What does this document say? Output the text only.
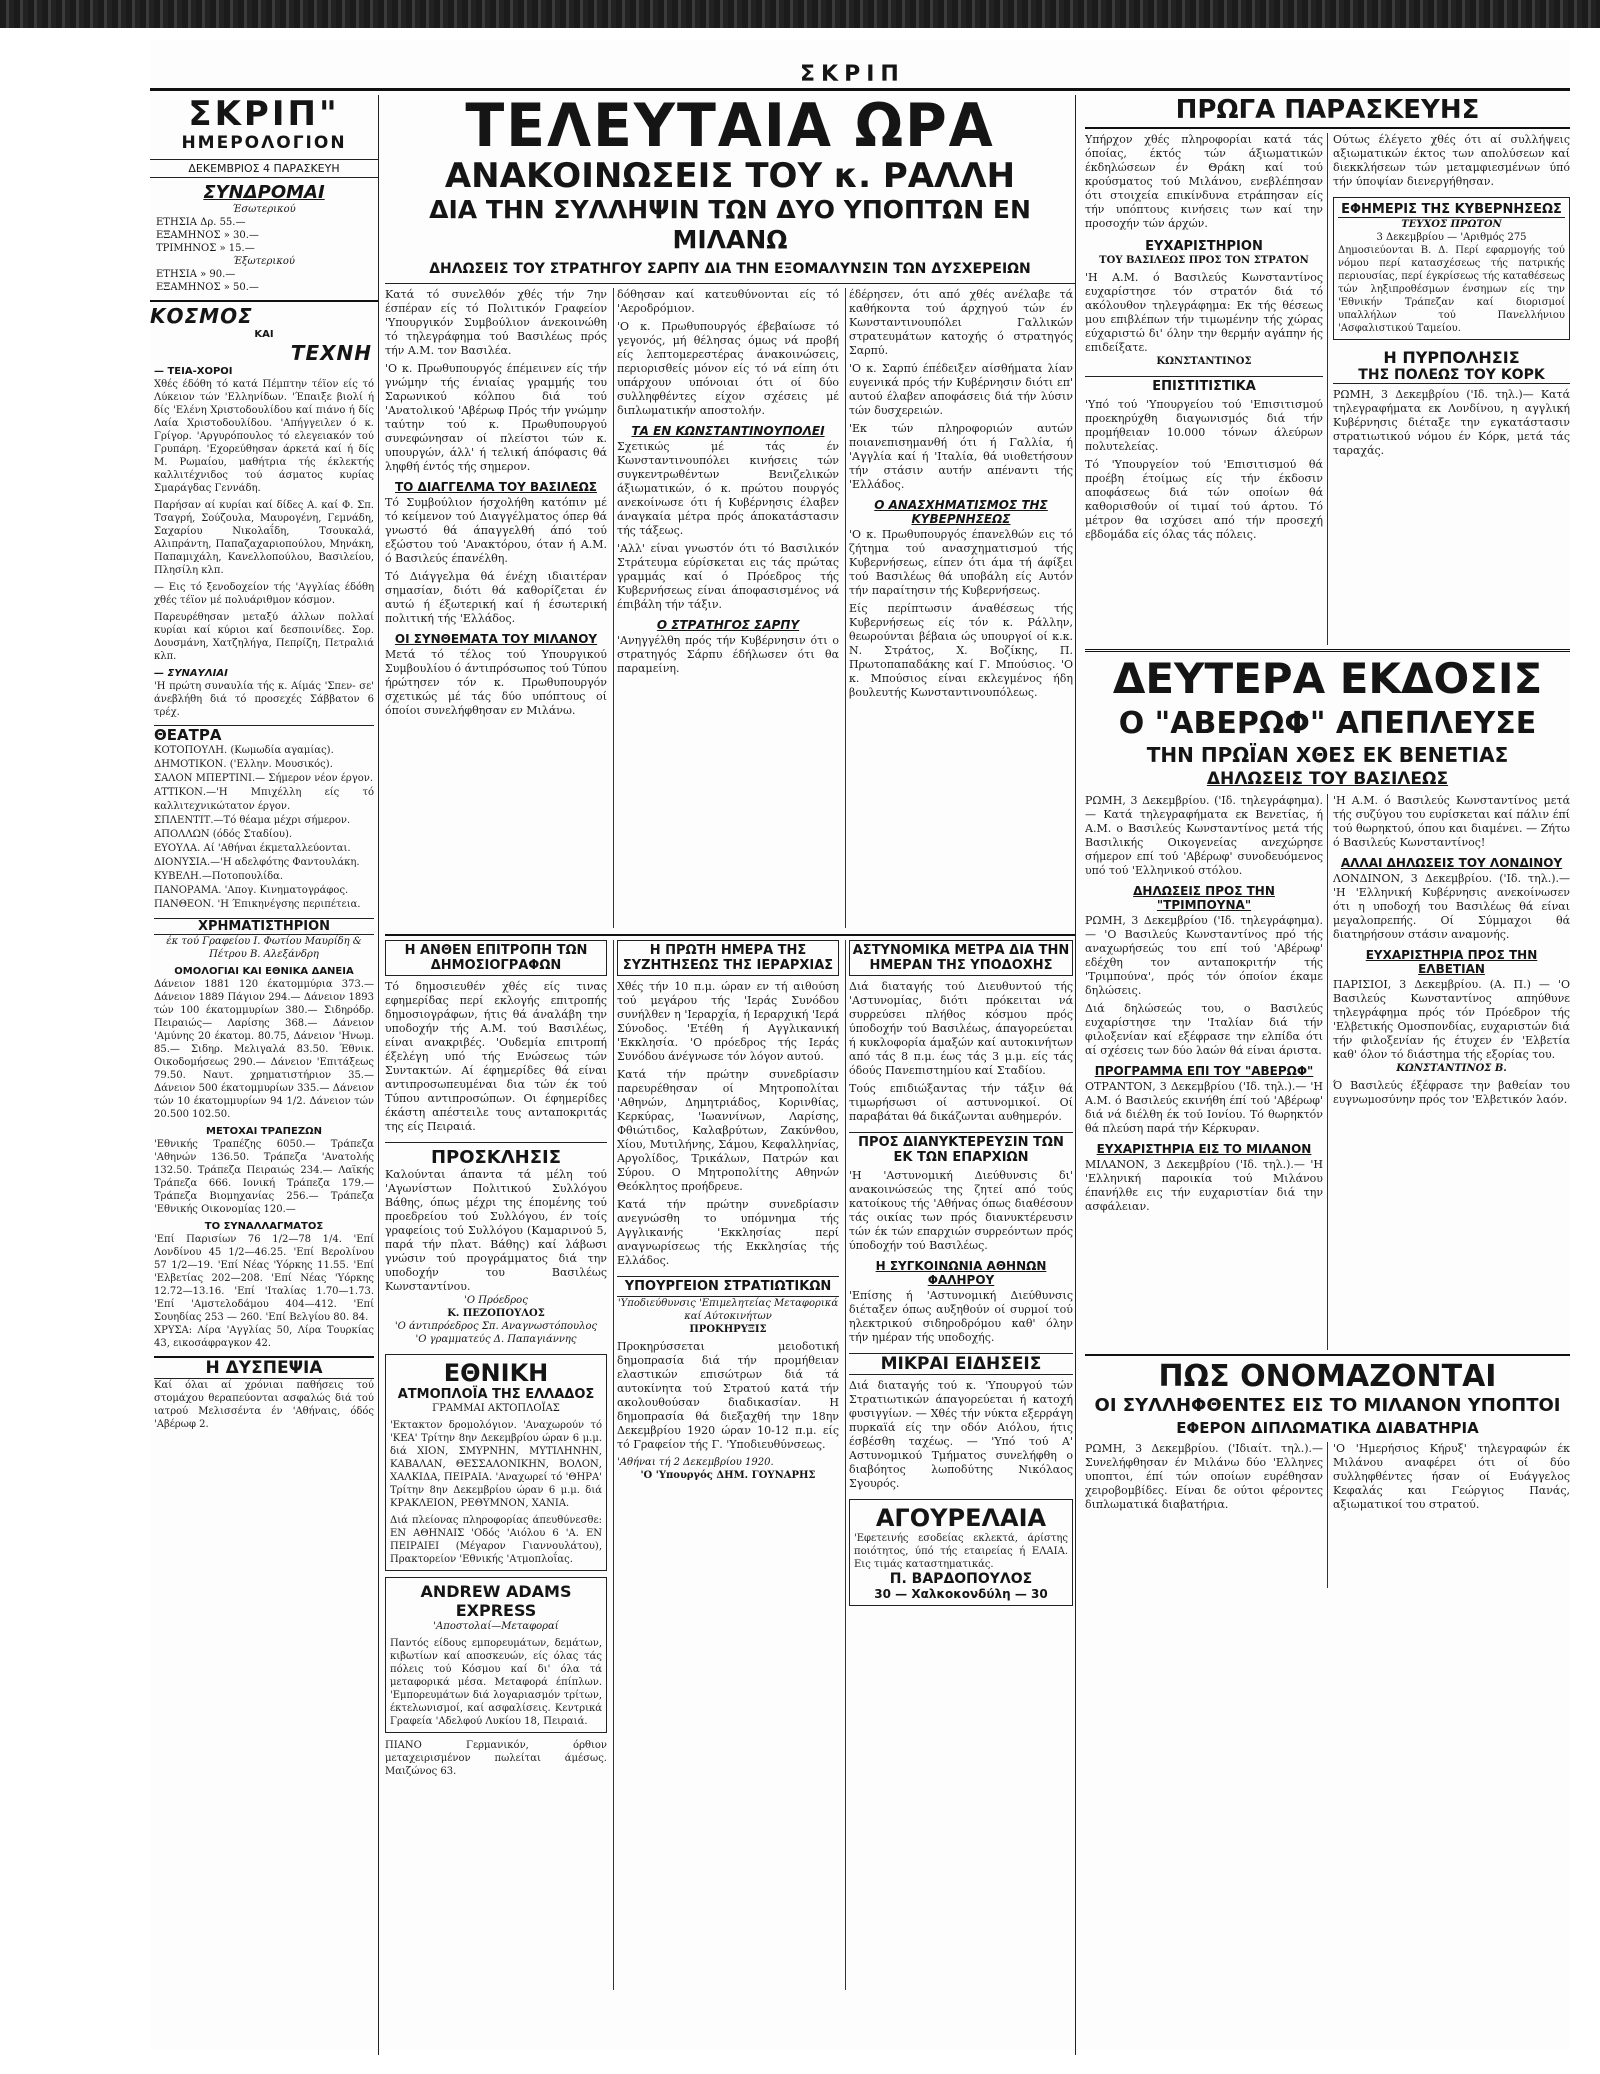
ΣΚΡΙΠ
ΣΚΡΙΠ"
ΗΜΕΡΟΛΟΓΙΟΝ
ΔΕΚΕΜΒΡΙΟΣ 4 ΠΑΡΑΣΚΕΥΗ
ΣΥΝΔΡΟΜΑΙ
Έσωτερικού
ΕΤΗΣΙΑ Δρ. 55.—
ΕΞΑΜΗΝΟΣ » 30.—
ΤΡΙΜΗΝΟΣ » 15.—
Έξωτερικού
ΕΤΗΣΙΑ » 90.—
ΕΞΑΜΗΝΟΣ » 50.—
ΚΟΣΜΟΣ
ΚΑΙ
ΤΕΧΝΗ
— ΤΕΙΑ-ΧΟΡΟΙ
Χθές έδόθη τό κατά Πέμπτην τέϊον είς τό Λύκειον τών 'Ελληνίδων. 'Έπαιξε βιολί ή δίς 'Ελένη Χριστοδουλίδου καί πιάνο ή δίς Λαία Χριστοδουλίδου. 'Απήγγειλεν ό κ. Γρίγορ. 'Αργυρόπουλος τό ελεγειακόν τού Γρυπάρη. 'Εχορεύθησαν άρκετά καί ή δίς Μ. Ρωμαίου, μαθήτρια τής έκλεκτής καλλιτέχνιδος τού άσματος κυρίας Σμαράγδας Γεννάδη.
Παρήσαν αί κυρίαι καί δίδες Α. καί Φ. Σπ. Τσαγρή, Σούζουλα, Μαυρογένη, Γεμνάδη, Σαχαρίου Νικολαΐδη, Τσουκαλά, Αλιπράντη, Παπαζαχαριοπούλου, Μηνάκη, Παπαμιχάλη, Κανελλοπούλου, Βασιλείου, Πλησίλη κλπ.
— Εις τό ξενοδοχείον τής 'Αγγλίας έδόθη χθές τέϊον μέ πολυάριθμον κόσμον.
Παρευρέθησαν μεταξύ άλλων πολλαί κυρίαι καί κύριοι καί δεσποινίδες. Σορ. Δουσμάνη, Χατζηλήγα, Πεπρίζη, Πετραλιά κλπ.
— ΣΥΝΑΥΛΙΑΙ
'Η πρώτη συναυλία τής κ. Αίμάς 'Σπεν- σε' άνεβλήθη διά τό προσεχές Σάββατον 6 τρέχ.
ΘΕΑΤΡΑ
ΚΟΤΟΠΟΥΛΗ. (Κωμωδία αγαμίας).
ΔΗΜΟΤΙΚΟΝ. ('Ελλην. Μουσικός).
ΣΑΛΟΝ ΜΠΕΡΤΙΝΙ.— Σήμερον νέον έργον.
ΑΤΤΙΚΟΝ.—'Η Μπιχέλλη είς τό καλλιτεχνικώτατον έργον.
ΣΠΛΕΝΤΙΤ.—Τό θέαμα μέχρι σήμερον.
ΑΠΟΛΛΩΝ (όδός Σταδίου).
ΕΥΟΥΛΑ. Αί 'Αθήναι έκμεταλλεύονται.
ΔΙΟΝΥΣΙΑ.—'Η αδελφότης Φαντουλάκη.
ΚΥΒΕΛΗ.—Ποτοπουλίδα.
ΠΑΝΟΡΑΜΑ. 'Απογ. Κινηματογράφος.
ΠΑΝΘΕΟΝ. 'Η Έπικηνέγσης περιπέτεια.
ΧΡΗΜΑΤΙΣΤΗΡΙΟΝ
έκ τού Γραφείου Ι. Φωτίου Μαυρίδη & Πέτρου Β. Αλεξάνδρη
ΟΜΟΛΟΓΙΑΙ ΚΑΙ ΕΘΝΙΚΑ ΔΑΝΕΙΑ
Δάνειον 1881 120 έκατομμύρια 373.— Δάνειον 1889 Πάγιον 294.— Δάνειον 1893 τών 100 έκατομμυρίων 380.— Σιδηρόδρ. Πειραιώς— Λαρίσης 368.— Δάνειον 'Αμύνης 20 έκατομ. 80.75, Δάνειον 'Ηνωμ. 85.— Σιδηρ. Μελιγαλά 83.50. Έθνικ. Οικοδομήσεως 290.— Δάνειον 'Επιτάξεως 79.50. Ναυτ. χρηματιστήριον 35.— Δάνειον 500 έκατομμυρίων 335.— Δάνειον τών 10 έκατομμυρίων 94 1/2. Δάνειον τών 20.500 102.50.
ΜΕΤΟΧΑΙ ΤΡΑΠΕΖΩΝ
'Εθνικής Τραπέζης 6050.— Τράπεζα 'Αθηνών 136.50. Τράπεζα 'Ανατολής 132.50. Τράπεζα Πειραιώς 234.— Λαϊκής Τράπεζα 666. Ιονική Τράπεζα 179.— Τράπεζα Βιομηχανίας 256.— Τράπεζα 'Εθνικής Οικονομίας 120.—
ΤΟ ΣΥΝΑΛΛΑΓΜΑΤΟΣ
'Επί Παρισίων 76 1/2—78 1/4. 'Επί Λονδίνου 45 1/2—46.25. 'Επί Βερολίνου 57 1/2—19. 'Επί Νέας 'Υόρκης 11.55. 'Επί 'Ελβετίας 202—208. 'Επί Νέας 'Υόρκης 12.72—13.16. 'Επί 'Ιταλίας 1.70—1.73. 'Επί 'Αμστελοδάμου 404—412. 'Επί Σουηδίας 253 — 260. 'Επί Βελγίου 80. 84.
ΧΡΥΣΑ: Λίρα 'Αγγλίας 50, Λίρα Τουρκίας 43, εικοσάφραγκον 42.
Η ΔΥΣΠΕΨΙΑ
Καί όλαι αί χρόνιαι παθήσεις τού στομάχου θεραπεύονται ασφαλώς διά τού ιατρού Μελισσέντα έν 'Αθήναις, όδός 'Αβέρωφ 2.
ΤΕΛΕΥΤΑΙΑ ΩΡΑ
ΑΝΑΚΟΙΝΩΣΕΙΣ ΤΟΥ κ. ΡΑΛΛΗ
ΔΙΑ ΤΗΝ ΣΥΛΛΗΨΙΝ ΤΩΝ ΔΥΟ ΥΠΟΠΤΩΝ ΕΝ ΜΙΛΑΝΩ
ΔΗΛΩΣΕΙΣ ΤΟΥ ΣΤΡΑΤΗΓΟΥ ΣΑΡΠΥ ΔΙΑ ΤΗΝ ΕΞΟΜΑΛΥΝΣΙΝ ΤΩΝ ΔΥΣΧΕΡΕΙΩΝ
Κατά τό συνελθόν χθές τήν 7ην έσπέραν είς τό Πολιτικόν Γραφείον 'Υπουργικόν Συμβούλιον άνεκοινώθη τό τηλεγράφημα τού Βασιλέως πρός τήν Α.Μ. τον Βασιλέα.
'Ο κ. Πρωθυπουργός έπέμεινεν είς τήν γνώμην τής ένιαίας γραμμής του Σαρωνικού κόλπου διά τού 'Ανατολικού 'Αβέρωφ Πρός τήν γνώμην ταύτην τού κ. Πρωθυπουργού συνεφώνησαν οί πλείστοι τών κ. υπουργών, άλλ' ή τελική άπόφασις θά ληφθή έντός τής σημερον.
ΤΟ ΔΙΑΓΓΕΛΜΑ ΤΟΥ ΒΑΣΙΛΕΩΣ
Τό Συμβούλιον ήσχολήθη κατόπιν μέ τό κείμενον τού Διαγγέλματος όπερ θά γνωστό θά άπαγγελθή άπό τού εξώστου τού 'Ανακτόρου, όταν ή Α.Μ. ό Βασιλεύς έπανέλθη.
Τό Διάγγελμα θά ένέχη ιδιαιτέραν σημασίαν, διότι θά καθορίζεται έν αυτώ ή έξωτερική καί ή έσωτερική πολιτική τής 'Ελλάδος.
ΟΙ ΣΥΝΘΕΜΑΤΑ ΤΟΥ ΜΙΛΑΝΟΥ
Μετά τό τέλος τού Υπουργικού Συμβουλίου ό άντιπρόσωπος τού Τύπου ήρώτησεν τόν κ. Πρωθυπουργόν σχετικώς μέ τάς δύο υπόπτους οί όποίοι συνελήφθησαν εν Μιλάνω.
δόθησαν καί κατευθύνονται είς τό 'Αεροδρόμιον.
'Ο κ. Πρωθυπουργός έβεβαίωσε τό γεγονός, μή θέλησας όμως νά προβή είς λεπτομερεστέρας άνακοινώσεις, περιορισθείς μόνον είς τό νά είπη ότι υπάρχουν υπόνοιαι ότι οί δύο συλληφθέντες είχον σχέσεις μέ διπλωματικήν αποστολήν.
ΤΑ ΕΝ ΚΩΝΣΤΑΝΤΙΝΟΥΠΟΛΕΙ
Σχετικώς μέ τάς έν Κωνσταντινουπόλει κινήσεις τών συγκεντρωθέντων Βενιζελικών άξιωματικών, ό κ. πρώτου πουργός ανεκοίνωσε ότι ή Κυβέρνησις έλαβεν άναγκαία μέτρα πρός άποκατάστασιν τής τάξεως.
'Αλλ' είναι γνωστόν ότι τό Βασιλικόν Στράτευμα εύρίσκεται εις τάς πρώτας γραμμάς καί ό Πρόεδρος τής Κυβερνήσεως είναι άποφασισμένος νά έπιβάλη τήν τάξιν.
Ο ΣΤΡΑΤΗΓΟΣ ΣΑΡΠΥ
'Ανηγγέλθη πρός τήν Κυβέρνησιν ότι ο στρατηγός Σάρπυ έδήλωσεν ότι θα παραμείνη.
έδέρησεν, ότι από χθές ανέλαβε τά καθήκοντα τού άρχηγού τών έν Κωνσταντινουπόλει Γαλλικών στρατευμάτων κατοχής ό στρατηγός Σαρπύ.
'Ο κ. Σαρπύ έπέδειξεν αίσθήματα λίαν ευγενικά πρός τήν Κυβέρνησιν διότι επ' αυτού έλαβεν αποφάσεις διά τήν λύσιν τών δυσχερειών.
'Εκ τών πληροφοριών αυτών ποιανεπισημανθή ότι ή Γαλλία, ή 'Αγγλία καί ή 'Ιταλία, θά υιοθετήσουν τήν στάσιν αυτήν απέναντι τής 'Ελλάδος.
Ο ΑΝΑΣΧΗΜΑΤΙΣΜΟΣ ΤΗΣ ΚΥΒΕΡΝΗΣΕΩΣ
'Ο κ. Πρωθυπουργός έπανελθών εις τό ζήτημα τού ανασχηματισμού τής Κυβερνήσεως, είπεν ότι άμα τή άφίξει τού Βασιλέως θά υποβάλη είς Αυτόν τήν παραίτησιν τής Κυβερνήσεως.
Είς περίπτωσιν άναθέσεως τής Κυβερνήσεως είς τόν κ. Ράλλην, θεωρούνται βέβαια ώς υπουργοί οί κ.κ. Ν. Στράτος, Χ. Βοζίκης, Π. Πρωτοπαπαδάκης καί Γ. Μπούσιος. 'Ο κ. Μπούσιος είναι εκλεγμένος ήδη βουλευτής Κωνσταντινουπόλεως.
Η ΑΝΘΕΝ ΕΠΙΤΡΟΠΗ ΤΩΝ ΔΗΜΟΣΙΟΓΡΑΦΩΝ
Τό δημοσιευθέν χθές είς τινας εφημερίδας περί εκλογής επιτροπής δημοσιογράφων, ήτις θά άναλάβη την υποδοχήν τής Α.Μ. τού Βασιλέως, είναι ανακριβές. 'Ουδεμία επιτροπή έξελέγη υπό τής Ενώσεως τών Συντακτών. Αί έφημερίδες θά είναι αντιπροσωπευμέναι δια τών έκ τού Τύπου αντιπροσώπων. Οι έφημερίδες έκάστη απέστειλε τους ανταποκριτάς της είς Πειραιά.
ΠΡΟΣΚΛΗΣΙΣ
Καλούνται άπαντα τά μέλη τού 'Αγωνίστων Πολιτικού Συλλόγου Βάθης, όπως μέχρι της έπομένης τού προεδρείου τού Συλλόγου, έν τοίς γραφείοις τού Συλλόγου (Καμαρινού 5, παρά τήν πλατ. Βάθης) καί λάβωσι γνώσιν τού προγράμματος διά την υποδοχήν του Βασιλέως Κωνσταντίνου.
'Ο Πρόεδρος
Κ. ΠΕΖΟΠΟΥΛΟΣ
'Ο άντιπρόεδρος Σπ. Αναγνωστόπουλος
'Ο γραμματεύς Δ. Παπαγιάννης
ΕΘΝΙΚΗ
ΑΤΜΟΠΛΟΪΑ ΤΗΣ ΕΛΛΑΔΟΣ
ΓΡΑΜΜΑΙ ΑΚΤΟΠΛΟΪΑΣ
'Εκτακτον δρομολόγιον. 'Αναχωρούν τό 'ΚΕΑ' Τρίτην 8ην Δεκεμβρίου ώραν 6 μ.μ. διά ΧΙΟΝ, ΣΜΥΡΝΗΝ, ΜΥΤΙΛΗΝΗΝ, ΚΑΒΑΛΑΝ, ΘΕΣΣΑΛΟΝΙΚΗΝ, ΒΟΛΟΝ, ΧΑΛΚΙΔΑ, ΠΕΙΡΑΙΑ. 'Αναχωρεί τό 'ΘΗΡΑ' Τρίτην 8ην Δεκεμβρίου ώραν 6 μ.μ. διά ΚΡΑΚΛΕΙΟΝ, ΡΕΘΥΜΝΟΝ, ΧΑΝΙΑ.
Διά πλείονας πληροφορίας άπευθύνεσθε: ΕΝ ΑΘΗΝΑΙΣ 'Οδός 'Αιόλου 6 'Α. ΕΝ ΠΕΙΡΑΙΕΙ (Μέγαρον Γιαννουλάτου), Πρακτορείον 'Εθνικής 'Ατμοπλοΐας.
ANDREW ADAMS EXPRESS
'Αποστολαί—Μεταφοραί
Παντός είδους εμπορευμάτων, δεμάτων, κιβωτίων καί αποσκευών, είς όλας τάς πόλεις τού Κόσμου καί δι' όλα τά μεταφορικά μέσα. Μεταφορά έπίπλων. 'Εμπορευμάτων διά λογαριασμόν τρίτων, έκτελωνισμοί, καί ασφαλίσεις. Κεντρικά Γραφεία 'Αδελφού Λυκίου 18, Πειραιά.
ΠΙΑΝΟ Γερμανικόν, όρθιον μεταχειρισμένον πωλείται άμέσως. Μαιζώνος 63.
Η ΠΡΩΤΗ ΗΜΕΡΑ ΤΗΣ ΣΥΖΗΤΗΣΕΩΣ ΤΗΣ ΙΕΡΑΡΧΙΑΣ
Χθές τήν 10 π.μ. ώραν εν τή αιθούση τού μεγάρου τής 'Ιεράς Συνόδου συνήλθεν η 'Ιεραρχία, ή Ιεραρχική 'Ιερά Σύνοδος. 'Ετέθη ή Αγγλικανική 'Εκκλησία. 'Ο πρόεδρος τής Ιεράς Συνόδου άνέγνωσε τόν λόγον αυτού.
Κατά τήν πρώτην συνεδρίασιν παρευρέθησαν οί Μητροπολίται 'Αθηνών, Δημητριάδος, Κορινθίας, Κερκύρας, 'Ιωαννίνων, Λαρίσης, Φθιώτιδος, Καλαβρύτων, Ζακύνθου, Χίου, Μυτιλήνης, Σάμου, Κεφαλληνίας, Αργολίδος, Τρικάλων, Πατρών και Σύρου. Ο Μητροπολίτης Αθηνών Θεόκλητος προήδρευε.
Κατά τήν πρώτην συνεδρίασιν ανεγνώσθη το υπόμνημα τής Αγγλικανής 'Εκκλησίας περί αναγνωρίσεως τής Εκκλησίας τής Ελλάδος.
ΥΠΟΥΡΓΕΙΟΝ ΣΤΡΑΤΙΩΤΙΚΩΝ
'Υποδιεύθυνσις 'Επιμελητείας Μεταφορικά καί Αύτοκινήτων
ΠΡΟΚΗΡΥΞΙΣ
Προκηρύσσεται μειοδοτική δημοπρασία διά τήν προμήθειαν ελαστικών επισώτρων διά τά αυτοκίνητα τού Στρατού κατά τήν ακολουθούσαν διαδικασίαν. Η δημοπρασία θά διεξαχθή την 18ην Δεκεμβρίου 1920 ώραν 10-12 π.μ. είς τό Γραφείον τής Γ. 'Υποδιευθύνσεως.
'Αθήναι τή 2 Δεκεμβρίου 1920.
'Ο 'Υπουργός ΔΗΜ. ΓΟΥΝΑΡΗΣ
ΑΣΤΥΝΟΜΙΚΑ ΜΕΤΡΑ ΔΙΑ ΤΗΝ ΗΜΕΡΑΝ ΤΗΣ ΥΠΟΔΟΧΗΣ
Διά διαταγής τού Διευθυντού τής 'Αστυνομίας, διότι πρόκειται νά συρρεύσει πλήθος κόσμου πρός ύποδοχήν τού Βασιλέως, άπαγορεύεται ή κυκλοφορία άμαξών καί αυτοκινήτων από τάς 8 π.μ. έως τάς 3 μ.μ. είς τάς όδούς Πανεπιστημίου καί Σταδίου.
Τούς επιδιώξαντας τήν τάξιν θά τιμωρήσωσι οί αστυνομικοί. Οί παραβάται θά δικάζωνται αυθημερόν.
ΠΡΟΣ ΔΙΑΝΥΚΤΕΡΕΥΣΙΝ ΤΩΝ ΕΚ ΤΩΝ ΕΠΑΡΧΙΩΝ
'Η 'Αστυνομική Διεύθυνσις δι' ανακοινώσεώς της ζητεί από τούς κατοίκους τής 'Αθήνας όπως διαθέσουν τάς οικίας των πρός διανυκτέρευσιν τών έκ τών επαρχιών συρρεόντων πρός ύποδοχήν τού Βασιλέως.
Η ΣΥΓΚΟΙΝΩΝΙΑ ΑΘΗΝΩΝ ΦΑΛΗΡΟΥ
'Επίσης ή 'Αστυνομική Διεύθυνσις διέταξεν όπως αυξηθούν οί συρμοί τού ηλεκτρικού σιδηροδρόμου καθ' όλην τήν ημέραν τής υποδοχής.
ΜΙΚΡΑΙ ΕΙΔΗΣΕΙΣ
Διά διαταγής τού κ. 'Υπουργού τών Στρατιωτικών άπαγορεύεται ή κατοχή φυσιγγίων. — Χθές τήν νύκτα εξερράγη πυρκαϊά είς την οδόν Αιόλου, ήτις έσβέσθη ταχέως. — 'Υπό τού Α' Αστυνομικού Τμήματος συνελήφθη ο διαβόητος λωποδύτης Νικόλαος Σγουρός.
ΑΓΟΥΡΕΛΑΙΑ
'Εφετεινής εσοδείας εκλεκτά, άρίστης ποιότητος, ύπό τής εταιρείας ή ΕΛΑΙΑ. Εις τιμάς καταστηματικάς.
Π. ΒΑΡΔΟΠΟΥΛΟΣ
30 — Χαλκοκονδύλη — 30
ΠΡΩΓΑ ΠΑΡΑΣΚΕΥΗΣ
Υπήρχον χθές πληροφορίαι κατά τάς όποίας, έκτός τών άξιωματικών έκδηλώσεων έν Θράκη καί τού κρούσματος τού Μιλάνου, ενεβλέπησαν ότι στοιχεία επικίνδυνα ετράπησαν είς τήν υπόπτους κινήσεις των καί την προσοχήν τών άρχών.
ΕΥΧΑΡΙΣΤΗΡΙΟΝ
ΤΟΥ ΒΑΣΙΛΕΩΣ ΠΡΟΣ ΤΟΝ ΣΤΡΑΤΟΝ
'Η Α.Μ. ό Βασιλεύς Κωνσταντίνος ευχαρίστησε τόν στρατόν διά τό ακόλουθον τηλεγράφημα: Εκ τής θέσεως μου επιβλέπων τήν τιμωμένην τής χώρας εύχαριστώ δι' όλην την θερμήν αγάπην ής επιδείξατε.
ΚΩΝΣΤΑΝΤΙΝΟΣ
ΕΠΙΣΤΙΤΙΣΤΙΚΑ
'Υπό τού 'Υπουργείου τού 'Επισιτισμού προεκηρύχθη διαγωνισμός διά τήν προμήθειαν 10.000 τόνων άλεύρων πολυτελείας.
Τό 'Υπουργείον τού 'Επισιτισμού θά προέβη έτοίμως είς τήν έκδοσιν αποφάσεως διά τών οποίων θά καθορισθούν οί τιμαί τού άρτου. Τό μέτρον θα ισχύσει από τήν προσεχή εβδομάδα είς όλας τάς πόλεις.
Ούτως έλέγετο χθές ότι αί συλλήψεις αξιωματικών έκτος των απολύσεων καί διεκκλήσεων τών μεταμφιεσμένων ύπό τήν ύποψίαν διενεργήθησαν.
ΕΦΗΜΕΡΙΣ ΤΗΣ ΚΥΒΕΡΝΗΣΕΩΣ
ΤΕΥΧΟΣ ΠΡΩΤΟΝ
3 Δεκεμβρίου — 'Αριθμός 275
Δημοσιεύονται Β. Δ. Περί εφαρμογής τού νόμου περί κατασχέσεως τής πατρικής περιουσίας, περί έγκρίσεως τής καταθέσεως τών ληξιπροθέσμων ένσημων είς την 'Εθνικήν Τράπεζαν καί διορισμοί υπαλλήλων τού Πανελλήνιου 'Ασφαλιστικού Ταμείου.
Η ΠΥΡΠΟΛΗΣΙΣ
ΤΗΣ ΠΟΛΕΩΣ ΤΟΥ ΚΟΡΚ
ΡΩΜΗ, 3 Δεκεμβρίου ('Ιδ. τηλ.)— Κατά τηλεγραφήματα εκ Λονδίνου, η αγγλική Κυβέρνησις διέταξε την εγκατάστασιν στρατιωτικού νόμου έν Κόρκ, μετά τάς ταραχάς.
ΔΕΥΤΕΡΑ ΕΚΔΟΣΙΣ
Ο "ΑΒΕΡΩΦ" ΑΠΕΠΛΕΥΣΕ
ΤΗΝ ΠΡΩΪΑΝ ΧΘΕΣ ΕΚ ΒΕΝΕΤΙΑΣ
ΔΗΛΩΣΕΙΣ ΤΟΥ ΒΑΣΙΛΕΩΣ
ΡΩΜΗ, 3 Δεκεμβρίου. ('Ιδ. τηλεγράφημα).— Κατά τηλεγραφήματα εκ Βενετίας, ή Α.Μ. ο Βασιλεύς Κωνσταντίνος μετά τής Βασιλικής Οικογενείας ανεχώρησε σήμερον επί τού 'Αβέρωφ' συνοδευόμενος υπό τού 'Ελληνικού στόλου.
ΔΗΛΩΣΕΙΣ ΠΡΟΣ ΤΗΝ "ΤΡΙΜΠΟΥΝΑ"
ΡΩΜΗ, 3 Δεκεμβρίου ('Ιδ. τηλεγράφημα).— 'Ο Βασιλεύς Κωνσταντίνος πρό τής αναχωρήσεώς του επί τού 'Αβέρωφ' εδέχθη τον ανταποκριτήν τής 'Τριμπούνα', πρός τόν όποίον έκαμε δηλώσεις.
Διά δηλώσεώς του, ο Βασιλεύς ευχαρίστησε την 'Ιταλίαν διά τήν φιλοξενίαν καί εξέφρασε την ελπίδα ότι αί σχέσεις των δύο λαών θά είναι άριστα.
ΠΡΟΓΡΑΜΜΑ ΕΠΙ ΤΟΥ "ΑΒΕΡΩΦ"
ΟΤΡΑΝΤΟΝ, 3 Δεκεμβρίου ('Ιδ. τηλ.).— 'Η Α.Μ. ό Βασιλεύς εκινήθη έπί τού 'Αβέρωφ' διά νά διέλθη έκ τού Ιονίου. Τό θωρηκτόν θά πλεύση παρά τήν Κέρκυραν.
ΕΥΧΑΡΙΣΤΗΡΙΑ ΕΙΣ ΤΟ ΜΙΛΑΝΟΝ
ΜΙΛΑΝΟΝ, 3 Δεκεμβρίου ('Ιδ. τηλ.).— 'Η 'Ελληνική παροικία τού Μιλάνου έπανήλθε εις τήν ευχαριστίαν διά την ασφάλειαν.
'Η Α.Μ. ό Βασιλεύς Κωνσταντίνος μετά τής συζύγου του ευρίσκεται καί πάλιν έπί τού θωρηκτού, όπου και διαμένει. — Ζήτω ό Βασιλεύς Κωνσταντίνος!
ΑΛΛΑΙ ΔΗΛΩΣΕΙΣ ΤΟΥ ΛΟΝΔΙΝΟΥ
ΛΟΝΔΙΝΟΝ, 3 Δεκεμβρίου. ('Ιδ. τηλ.).— 'Η 'Ελληνική Κυβέρνησις ανεκοίνωσεν ότι η υποδοχή του Βασιλέως θά είναι μεγαλοπρεπής. Οί Σύμμαχοι θά διατηρήσουν στάσιν αναμονής.
ΕΥΧΑΡΙΣΤΗΡΙΑ ΠΡΟΣ ΤΗΝ ΕΛΒΕΤΙΑΝ
ΠΑΡΙΣΙΟΙ, 3 Δεκεμβρίου. (Α. Π.) — 'Ο Βασιλεύς Κωνσταντίνος απηύθυνε τηλεγράφημα πρός τόν Πρόεδρον τής 'Ελβετικής Ομοσπονδίας, ευχαριστών διά τήν φιλοξενίαν ής έτυχεν έν 'Ελβετία καθ' όλον τό διάστημα τής εξορίας του.
ΚΩΝΣΤΑΝΤΙΝΟΣ Β.
Ό Βασιλεύς έξέφρασε την βαθείαν του ευγνωμοσύνην πρός τον 'Ελβετικόν λαόν.
ΠΩΣ ΟΝΟΜΑΖΟΝΤΑΙ
ΟΙ ΣΥΛΛΗΦΘΕΝΤΕΣ ΕΙΣ ΤΟ ΜΙΛΑΝΟΝ ΥΠΟΠΤΟΙ
ΕΦΕΡΟΝ ΔΙΠΛΩΜΑΤΙΚΑ ΔΙΑΒΑΤΗΡΙΑ
ΡΩΜΗ, 3 Δεκεμβρίου. ('Ιδιαίτ. τηλ.).— Συνελήφθησαν έν Μιλάνω δύο 'Ελληνες υποπτοι, έπί τών οποίων ευρέθησαν χειροβομβίδες. Είναι δε ούτοι φέροντες διπλωματικά διαβατήρια.
'Ο 'Ημερήσιος Κήρυξ' τηλεγραφών έκ Μιλάνου αναφέρει ότι οί δύο συλληφθέντες ήσαν οί Ευάγγελος Κεφαλάς και Γεώργιος Πανάς, αξιωματικοί του στρατού.
